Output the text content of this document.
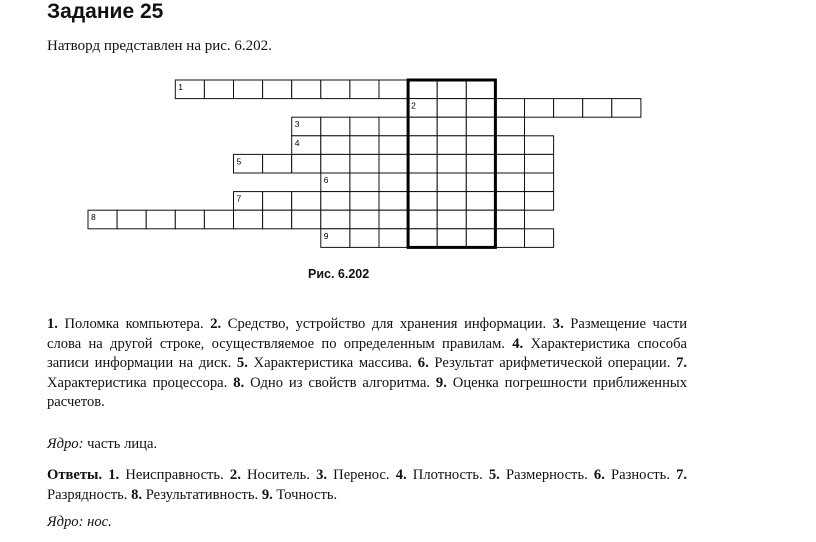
Задание 25
Натворд представлен на рис. 6.202.
1
2
3
4
5
6
7
8
9
Рис. 6.202
1. Поломка компьютера. 2. Средство, устройство для хранения информации. 3. Размещение части слова на другой строке, осуществляемое по определенным правилам. 4. Характеристика способа записи информации на диск. 5. Характеристика массива. 6. Результат арифметической операции. 7. Характеристика процессора. 8. Одно из свойств алгоритма. 9. Оценка погрешности приближенных расчетов.
Ядро: часть лица.
Ответы. 1. Неисправность. 2. Носитель. 3. Перенос. 4. Плотность. 5. Размерность. 6. Разность. 7. Разрядность. 8. Результативность. 9. Точность.
Ядро: нос.
